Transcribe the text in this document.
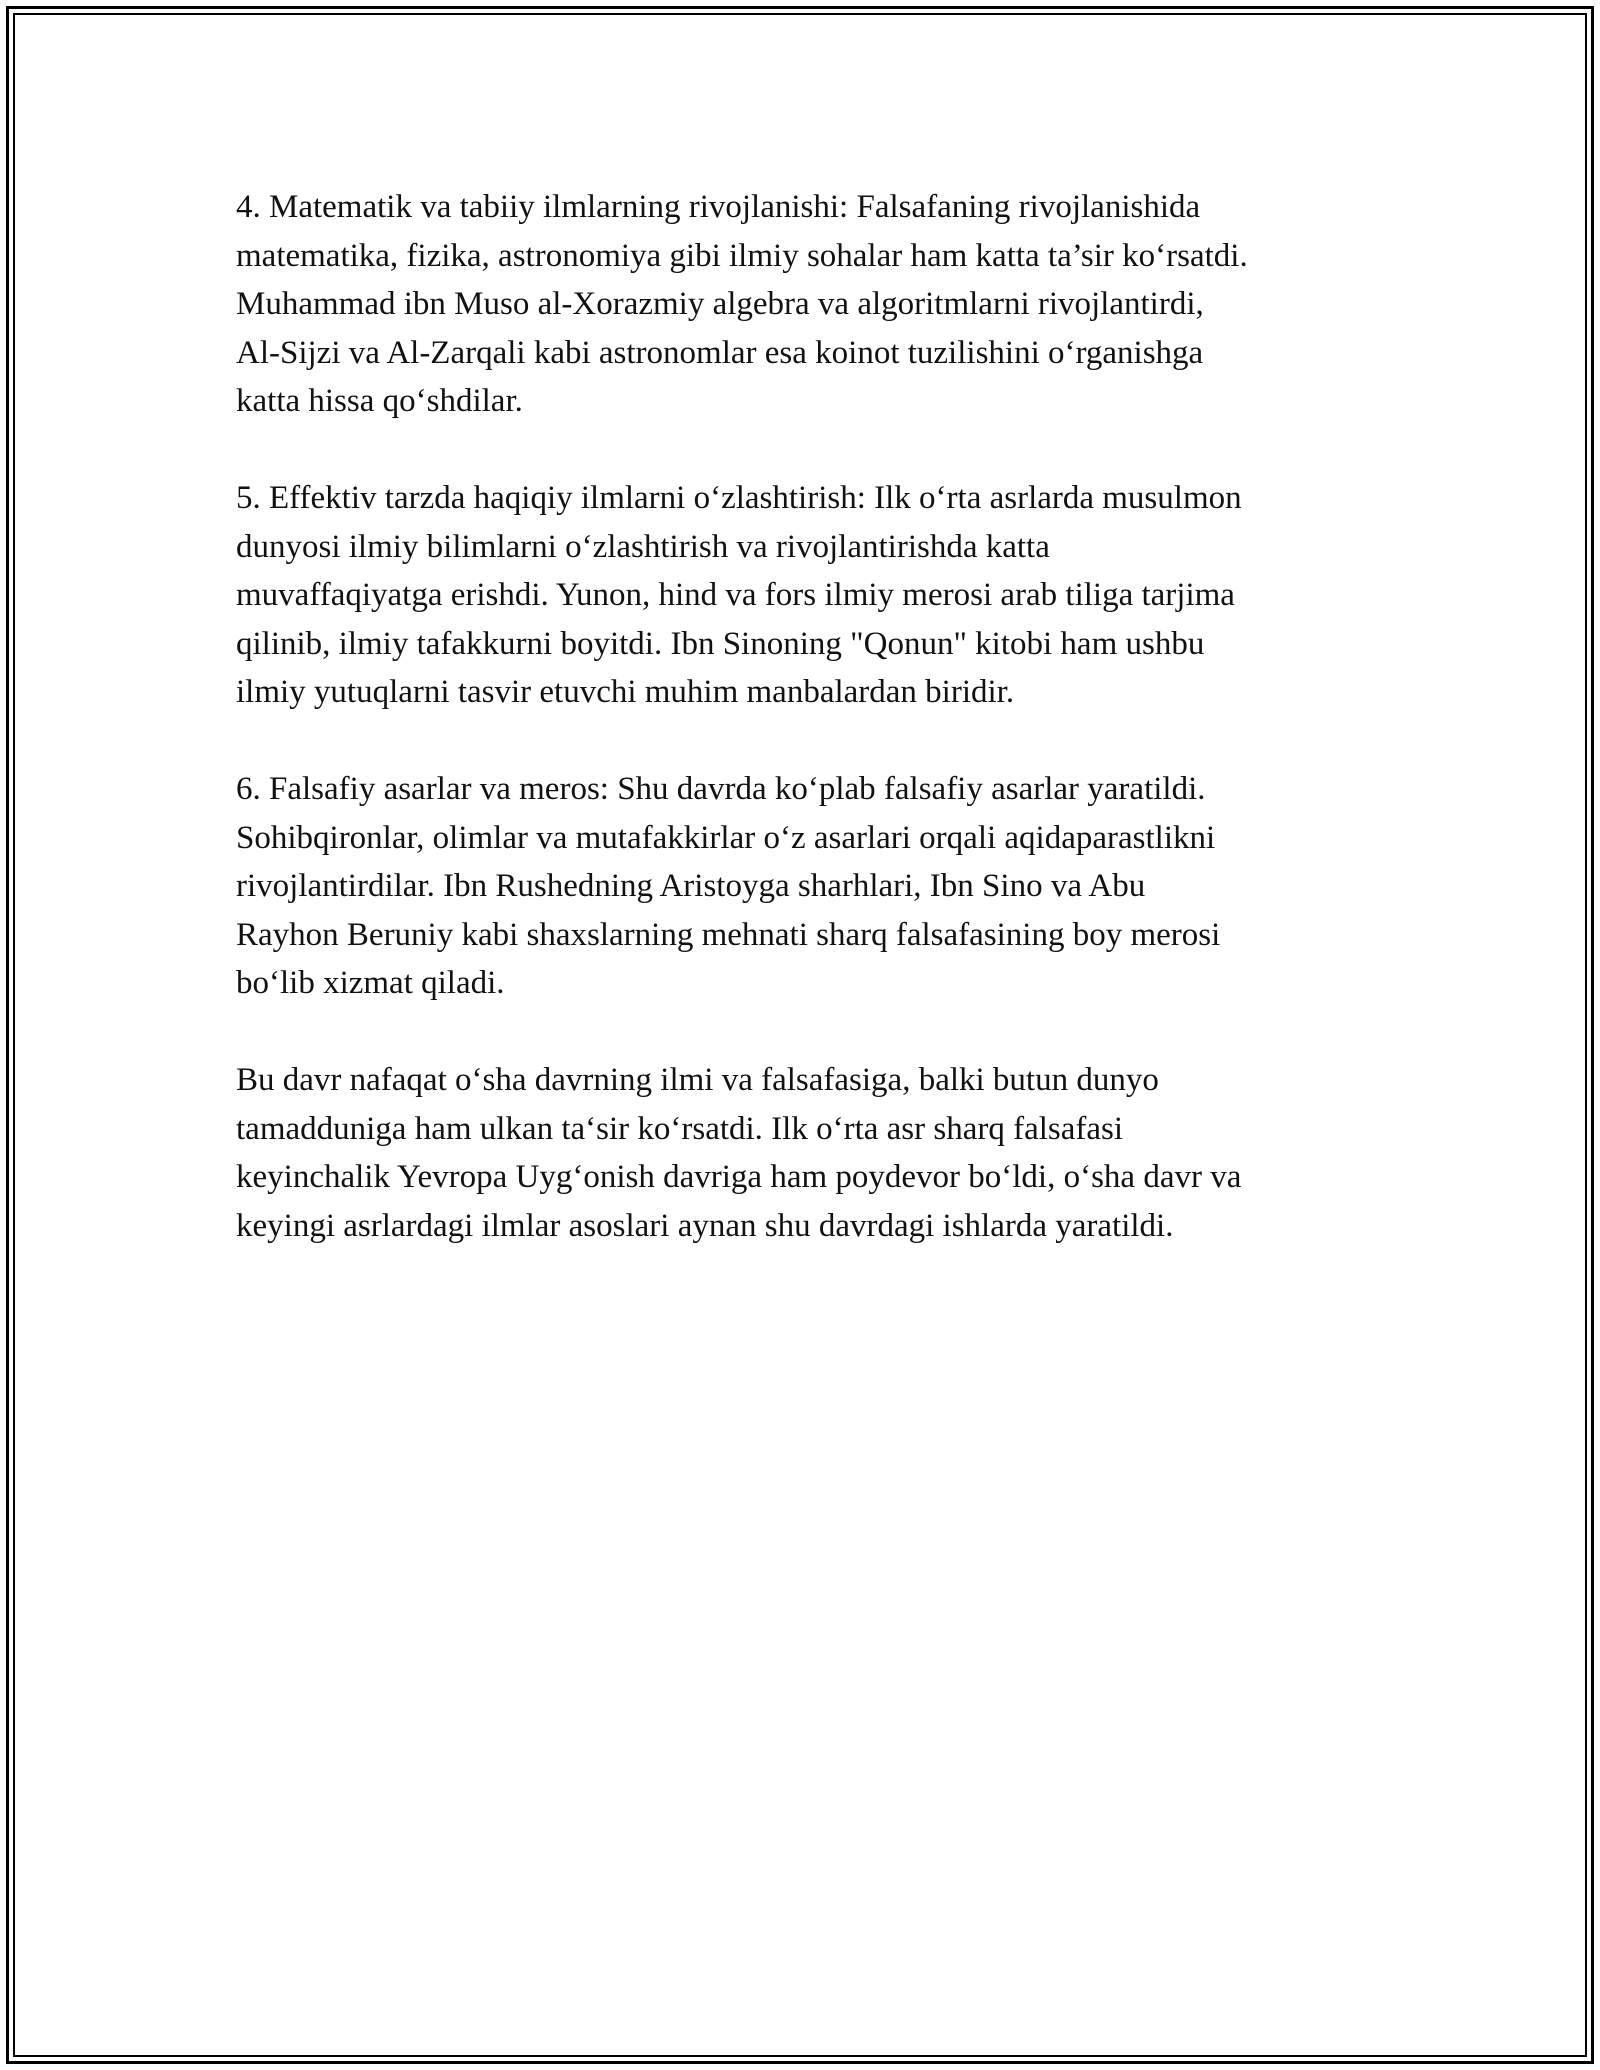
4. Matematik va tabiiy ilmlarning rivojlanishi: Falsafaning rivojlanishida
matematika, fizika, astronomiya gibi ilmiy sohalar ham katta ta’sir ko‘rsatdi.
Muhammad ibn Muso al-Xorazmiy algebra va algoritmlarni rivojlantirdi,
Al-Sijzi va Al-Zarqali kabi astronomlar esa koinot tuzilishini o‘rganishga
katta hissa qo‘shdilar.

5. Effektiv tarzda haqiqiy ilmlarni o‘zlashtirish: Ilk o‘rta asrlarda musulmon
dunyosi ilmiy bilimlarni o‘zlashtirish va rivojlantirishda katta
muvaffaqiyatga erishdi. Yunon, hind va fors ilmiy merosi arab tiliga tarjima
qilinib, ilmiy tafakkurni boyitdi. Ibn Sinoning "Qonun" kitobi ham ushbu
ilmiy yutuqlarni tasvir etuvchi muhim manbalardan biridir.

6. Falsafiy asarlar va meros: Shu davrda ko‘plab falsafiy asarlar yaratildi.
Sohibqironlar, olimlar va mutafakkirlar o‘z asarlari orqali aqidaparastlikni
rivojlantirdilar. Ibn Rushedning Aristoyga sharhlari, Ibn Sino va Abu
Rayhon Beruniy kabi shaxslarning mehnati sharq falsafasining boy merosi
bo‘lib xizmat qiladi.

Bu davr nafaqat o‘sha davrning ilmi va falsafasiga, balki butun dunyo
tamadduniga ham ulkan ta‘sir ko‘rsatdi. Ilk o‘rta asr sharq falsafasi
keyinchalik Yevropa Uyg‘onish davriga ham poydevor bo‘ldi, o‘sha davr va
keyingi asrlardagi ilmlar asoslari aynan shu davrdagi ishlarda yaratildi.
